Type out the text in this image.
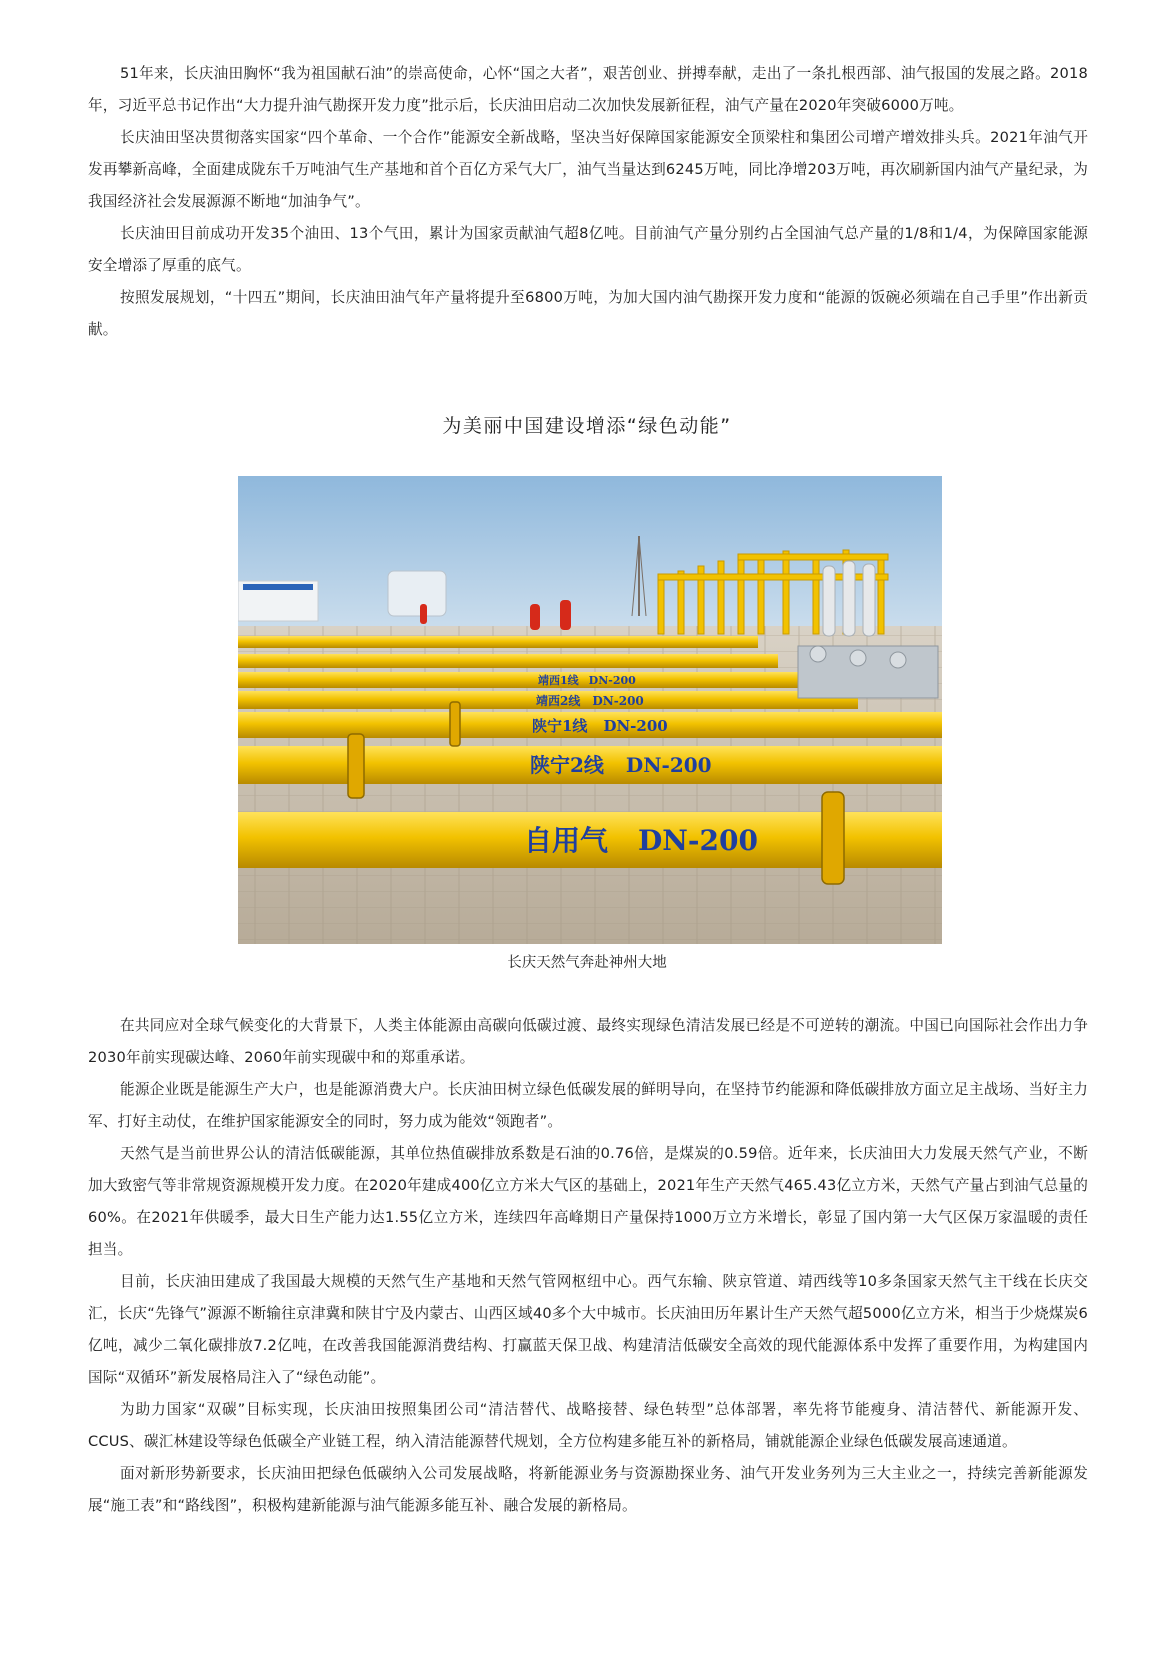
51年来，长庆油田胸怀“我为祖国献石油”的崇高使命，心怀“国之大者”，艰苦创业、拼搏奉献，走出了一条扎根西部、油气报国的发展之路。2018年，习近平总书记作出“大力提升油气勘探开发力度”批示后，长庆油田启动二次加快发展新征程，油气产量在2020年突破6000万吨。

长庆油田坚决贯彻落实国家“四个革命、一个合作”能源安全新战略，坚决当好保障国家能源安全顶梁柱和集团公司增产增效排头兵。2021年油气开发再攀新高峰，全面建成陇东千万吨油气生产基地和首个百亿方采气大厂，油气当量达到6245万吨，同比净增203万吨，再次刷新国内油气产量纪录，为我国经济社会发展源源不断地“加油争气”。

长庆油田目前成功开发35个油田、13个气田，累计为国家贡献油气超8亿吨。目前油气产量分别约占全国油气总产量的1/8和1/4，为保障国家能源安全增添了厚重的底气。

按照发展规划，“十四五”期间，长庆油田油气年产量将提升至6800万吨，为加大国内油气勘探开发力度和“能源的饭碗必须端在自己手里”作出新贡献。

为美丽中国建设增添“绿色动能”
靖西1线 DN-200
靖西2线 DN-200
陕宁1线 DN-200
陕宁2线 DN-200
自用气 DN-200
长庆天然气奔赴神州大地

在共同应对全球气候变化的大背景下，人类主体能源由高碳向低碳过渡、最终实现绿色清洁发展已经是不可逆转的潮流。中国已向国际社会作出力争2030年前实现碳达峰、2060年前实现碳中和的郑重承诺。

能源企业既是能源生产大户，也是能源消费大户。长庆油田树立绿色低碳发展的鲜明导向，在坚持节约能源和降低碳排放方面立足主战场、当好主力军、打好主动仗，在维护国家能源安全的同时，努力成为能效“领跑者”。

天然气是当前世界公认的清洁低碳能源，其单位热值碳排放系数是石油的0.76倍，是煤炭的0.59倍。近年来，长庆油田大力发展天然气产业，不断加大致密气等非常规资源规模开发力度。在2020年建成400亿立方米大气区的基础上，2021年生产天然气465.43亿立方米，天然气产量占到油气总量的60%。在2021年供暖季，最大日生产能力达1.55亿立方米，连续四年高峰期日产量保持1000万立方米增长，彰显了国内第一大气区保万家温暖的责任担当。

目前，长庆油田建成了我国最大规模的天然气生产基地和天然气管网枢纽中心。西气东输、陕京管道、靖西线等10多条国家天然气主干线在长庆交汇，长庆“先锋气”源源不断输往京津冀和陕甘宁及内蒙古、山西区域40多个大中城市。长庆油田历年累计生产天然气超5000亿立方米，相当于少烧煤炭6亿吨，减少二氧化碳排放7.2亿吨，在改善我国能源消费结构、打赢蓝天保卫战、构建清洁低碳安全高效的现代能源体系中发挥了重要作用，为构建国内国际“双循环”新发展格局注入了“绿色动能”。

为助力国家“双碳”目标实现，长庆油田按照集团公司“清洁替代、战略接替、绿色转型”总体部署，率先将节能瘦身、清洁替代、新能源开发、CCUS、碳汇林建设等绿色低碳全产业链工程，纳入清洁能源替代规划，全方位构建多能互补的新格局，铺就能源企业绿色低碳发展高速通道。

面对新形势新要求，长庆油田把绿色低碳纳入公司发展战略，将新能源业务与资源勘探业务、油气开发业务列为三大主业之一，持续完善新能源发展“施工表”和“路线图”，积极构建新能源与油气能源多能互补、融合发展的新格局。
